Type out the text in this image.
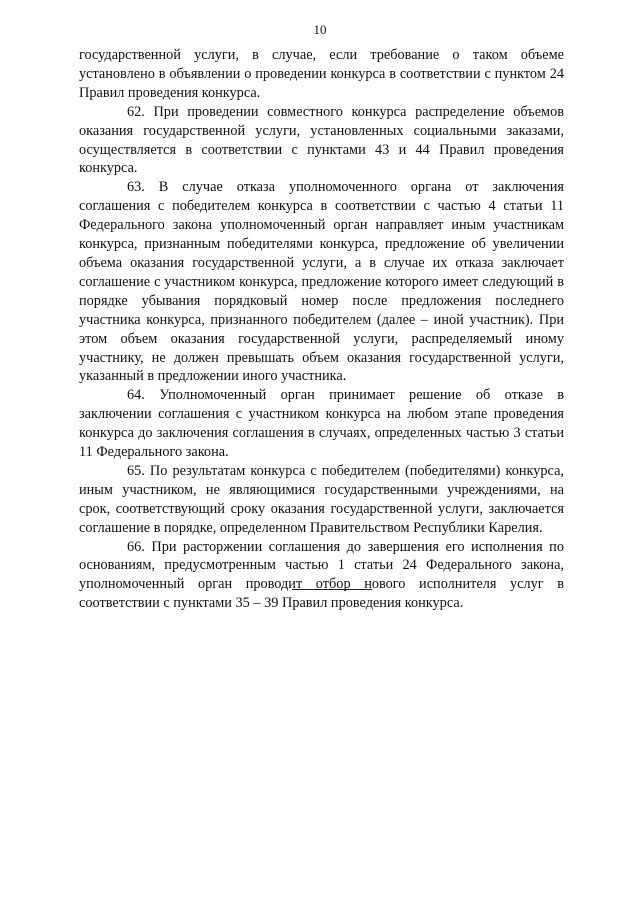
10

государственной услуги, в случае, если требование о таком объеме установлено в объявлении о проведении конкурса в соответствии с пунктом 24 Правил проведения конкурса.

62. При проведении совместного конкурса распределение объемов оказания государственной услуги, установленных социальными заказами, осуществляется в соответствии с пунктами 43 и 44 Правил проведения конкурса.

63. В случае отказа уполномоченного органа от заключения соглашения с победителем конкурса в соответствии с частью 4 статьи 11 Федерального закона уполномоченный орган направляет иным участникам конкурса, признанным победителями конкурса, предложение об увеличении объема оказания государственной услуги, а в случае их отказа заключает соглашение с участником конкурса, предложение которого имеет следующий в порядке убывания порядковый номер после предложения последнего участника конкурса, признанного победителем (далее – иной участник). При этом объем оказания государственной услуги, распределяемый иному участнику, не должен превышать объем оказания государственной услуги, указанный в предложении иного участника.

64. Уполномоченный орган принимает решение об отказе в заключении соглашения с участником конкурса на любом этапе проведения конкурса до заключения соглашения в случаях, определенных частью 3 статьи 11 Федерального закона.

65. По результатам конкурса с победителем (победителями) конкурса, иным участником, не являющимися государственными учреждениями, на срок, соответствующий сроку оказания государственной услуги, заключается соглашение в порядке, определенном Правительством Республики Карелия.

66. При расторжении соглашения до завершения его исполнения по основаниям, предусмотренным частью 1 статьи 24 Федерального закона, уполномоченный орган проводит отбор нового исполнителя услуг в соответствии с пунктами 35 – 39 Правил проведения конкурса.
